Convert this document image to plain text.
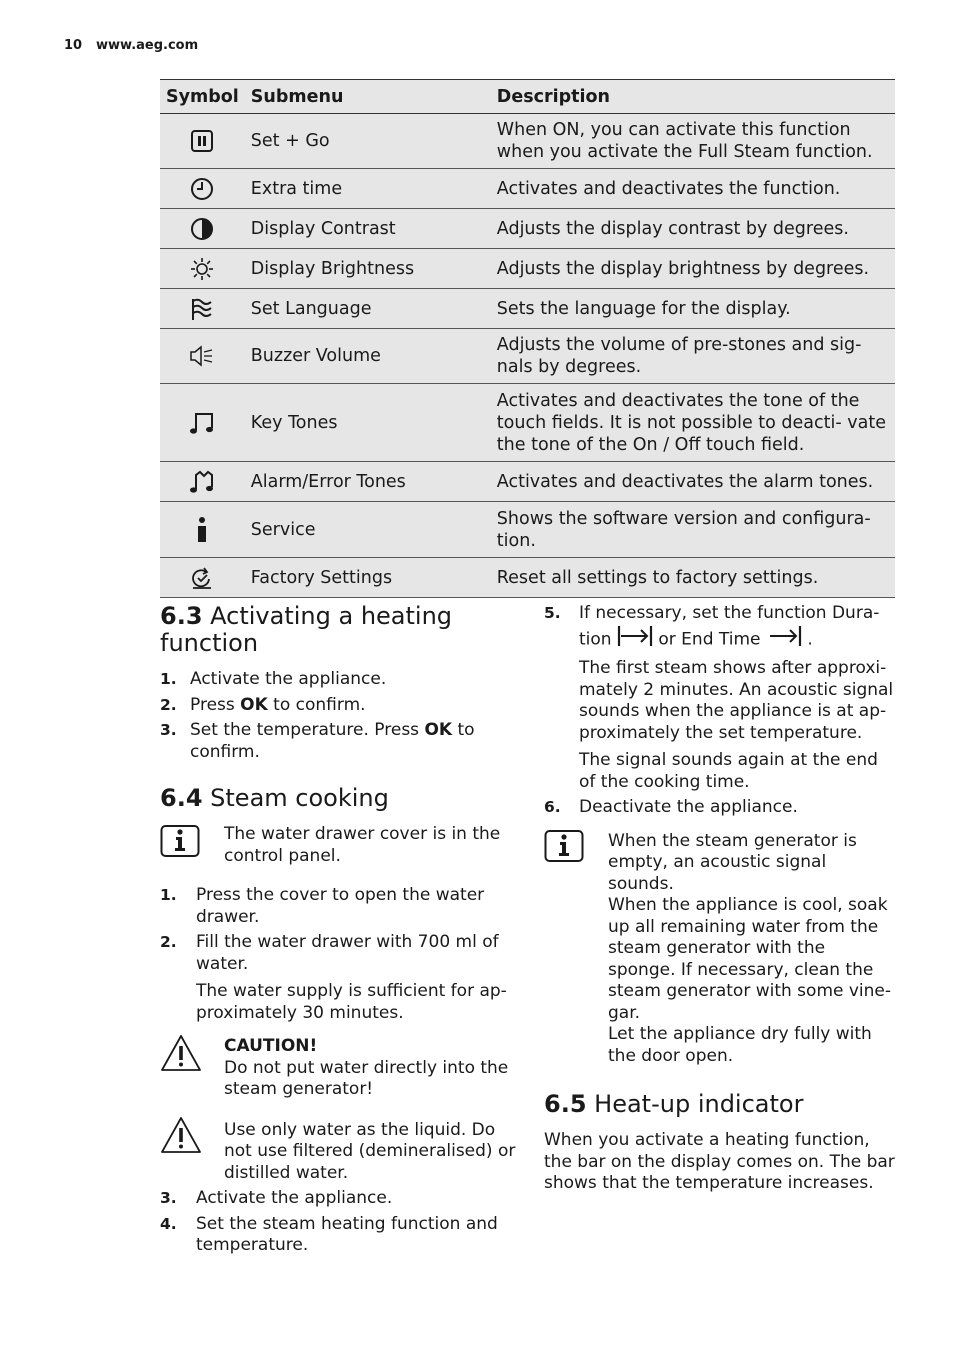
10 www.aeg.com
Symbol	Submenu	Description

	Set + Go	When ON, you can activate this function when you activate the Full Steam function.

	Extra time	Activates and deactivates the function.

	Display Contrast	Adjusts the display contrast by degrees.

	Display Brightness	Adjusts the display brightness by degrees.

	Set Language	Sets the language for the display.

	Buzzer Volume	Adjusts the volume of pre-stones and sig- nals by degrees.

	Key Tones	Activates and deactivates the tone of the touch fields. It is not possible to deacti- vate the tone of the On / Off touch field.

	Alarm/Error Tones	Activates and deactivates the alarm tones.

	Service	Shows the software version and configura- tion.

	Factory Settings	Reset all settings to factory settings.
6.3 Activating a heating function
1. Activate the appliance.
2. Press OK to confirm.
3. Set the temperature. Press OK to confirm.
6.4 Steam cooking
The water drawer cover is in the control panel.
1. Press the cover to open the water drawer.
2. Fill the water drawer with 700 ml of water.
The water supply is sufficient for ap- proximately 30 minutes.
CAUTION!
Do not put water directly into the steam generator!
Use only water as the liquid. Do not use filtered (demineralised) or distilled water.
3. Activate the appliance.
4. Set the steam heating function and temperature.
5. If necessary, set the function Dura- tion	or End Time	.
The first steam shows after approxi- mately 2 minutes. An acoustic signal sounds when the appliance is at ap- proximately the set temperature.
The signal sounds again at the end of the cooking time.
6. Deactivate the appliance.
When the steam generator is empty, an acoustic signal sounds.
When the appliance is cool, soak up all remaining water from the steam generator with the sponge. If necessary, clean the steam generator with some vine- gar.
Let the appliance dry fully with the door open.
6.5 Heat-up indicator
When you activate a heating function, the bar on the display comes on. The bar shows that the temperature increases.
